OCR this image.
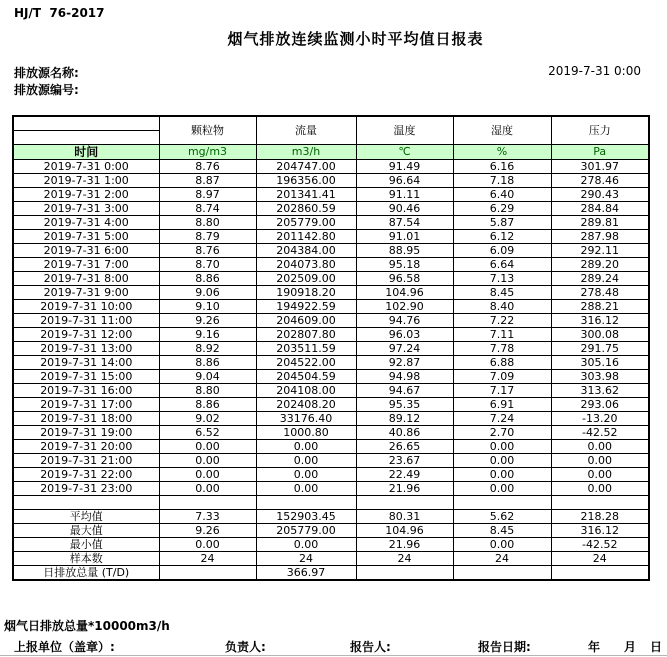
HJ/T  76-2017
烟气排放连续监测小时平均值日报表
排放源名称:
排放源编号:
2019-7-31 0:00
	颗粒物	流量	温度	湿度	压力

时间	mg/m3	m3/h	℃	%	Pa
2019-7-31 0:00	8.76	204747.00	91.49	6.16	301.97
2019-7-31 1:00	8.87	196356.00	96.64	7.18	278.46
2019-7-31 2:00	8.97	201341.41	91.11	6.40	290.43
2019-7-31 3:00	8.74	202860.59	90.46	6.29	284.84
2019-7-31 4:00	8.80	205779.00	87.54	5.87	289.81
2019-7-31 5:00	8.79	201142.80	91.01	6.12	287.98
2019-7-31 6:00	8.76	204384.00	88.95	6.09	292.11
2019-7-31 7:00	8.70	204073.80	95.18	6.64	289.20
2019-7-31 8:00	8.86	202509.00	96.58	7.13	289.24
2019-7-31 9:00	9.06	190918.20	104.96	8.45	278.48
2019-7-31 10:00	9.10	194922.59	102.90	8.40	288.21
2019-7-31 11:00	9.26	204609.00	94.76	7.22	316.12
2019-7-31 12:00	9.16	202807.80	96.03	7.11	300.08
2019-7-31 13:00	8.92	203511.59	97.24	7.78	291.75
2019-7-31 14:00	8.86	204522.00	92.87	6.88	305.16
2019-7-31 15:00	9.04	204504.59	94.98	7.09	303.98
2019-7-31 16:00	8.80	204108.00	94.67	7.17	313.62
2019-7-31 17:00	8.86	202408.20	95.35	6.91	293.06
2019-7-31 18:00	9.02	33176.40	89.12	7.24	-13.20
2019-7-31 19:00	6.52	1000.80	40.86	2.70	-42.52
2019-7-31 20:00	0.00	0.00	26.65	0.00	0.00
2019-7-31 21:00	0.00	0.00	23.67	0.00	0.00
2019-7-31 22:00	0.00	0.00	22.49	0.00	0.00
2019-7-31 23:00	0.00	0.00	21.96	0.00	0.00

平均值	7.33	152903.45	80.31	5.62	218.28
最大值	9.26	205779.00	104.96	8.45	316.12
最小值	0.00	0.00	21.96	0.00	-42.52
样本数	24	24	24	24	24
日排放总量 (T/D)		366.97			
烟气日排放总量*10000m3/h
上报单位（盖章）:	负责人:	报告人:	报告日期:	年 月 日
